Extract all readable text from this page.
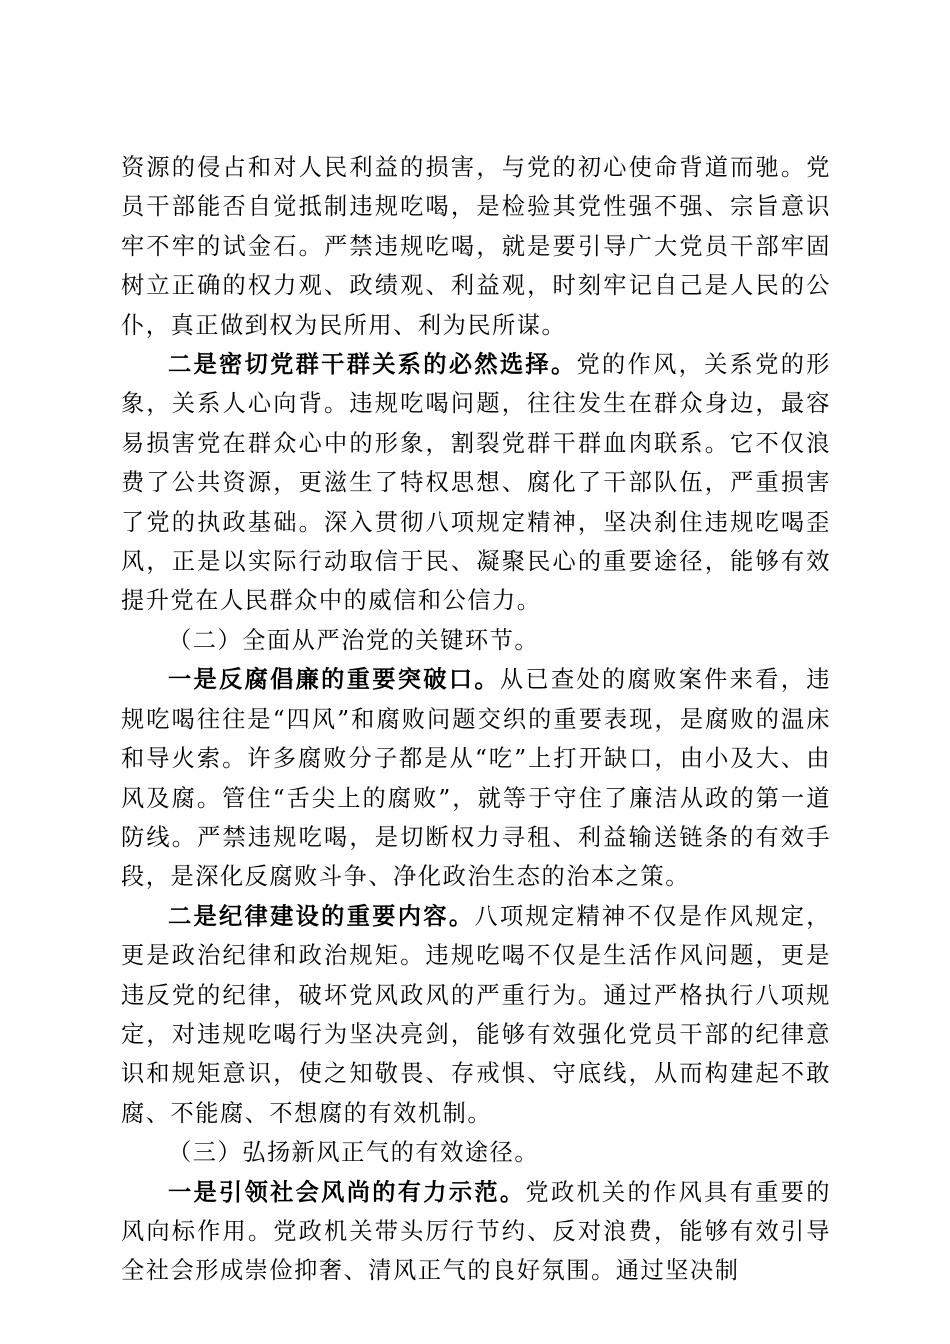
资源的侵占和对人民利益的损害，与党的初心使命背道而驰。党员干部能否自觉抵制违规吃喝，是检验其党性强不强、宗旨意识牢不牢的试金石。严禁违规吃喝，就是要引导广大党员干部牢固树立正确的权力观、政绩观、利益观，时刻牢记自己是人民的公仆，真正做到权为民所用、利为民所谋。

二是密切党群干群关系的必然选择。党的作风，关系党的形象，关系人心向背。违规吃喝问题，往往发生在群众身边，最容易损害党在群众心中的形象，割裂党群干群血肉联系。它不仅浪费了公共资源，更滋生了特权思想、腐化了干部队伍，严重损害了党的执政基础。深入贯彻八项规定精神，坚决刹住违规吃喝歪风，正是以实际行动取信于民、凝聚民心的重要途径，能够有效提升党在人民群众中的威信和公信力。

（二）全面从严治党的关键环节。

一是反腐倡廉的重要突破口。从已查处的腐败案件来看，违规吃喝往往是“四风”和腐败问题交织的重要表现，是腐败的温床和导火索。许多腐败分子都是从“吃”上打开缺口，由小及大、由风及腐。管住“舌尖上的腐败”，就等于守住了廉洁从政的第一道防线。严禁违规吃喝，是切断权力寻租、利益输送链条的有效手段，是深化反腐败斗争、净化政治生态的治本之策。

二是纪律建设的重要内容。八项规定精神不仅是作风规定，更是政治纪律和政治规矩。违规吃喝不仅是生活作风问题，更是违反党的纪律，破坏党风政风的严重行为。通过严格执行八项规定，对违规吃喝行为坚决亮剑，能够有效强化党员干部的纪律意识和规矩意识，使之知敬畏、存戒惧、守底线，从而构建起不敢腐、不能腐、不想腐的有效机制。

（三）弘扬新风正气的有效途径。

一是引领社会风尚的有力示范。党政机关的作风具有重要的风向标作用。党政机关带头厉行节约、反对浪费，能够有效引导全社会形成崇俭抑奢、清风正气的良好氛围。通过坚决制
